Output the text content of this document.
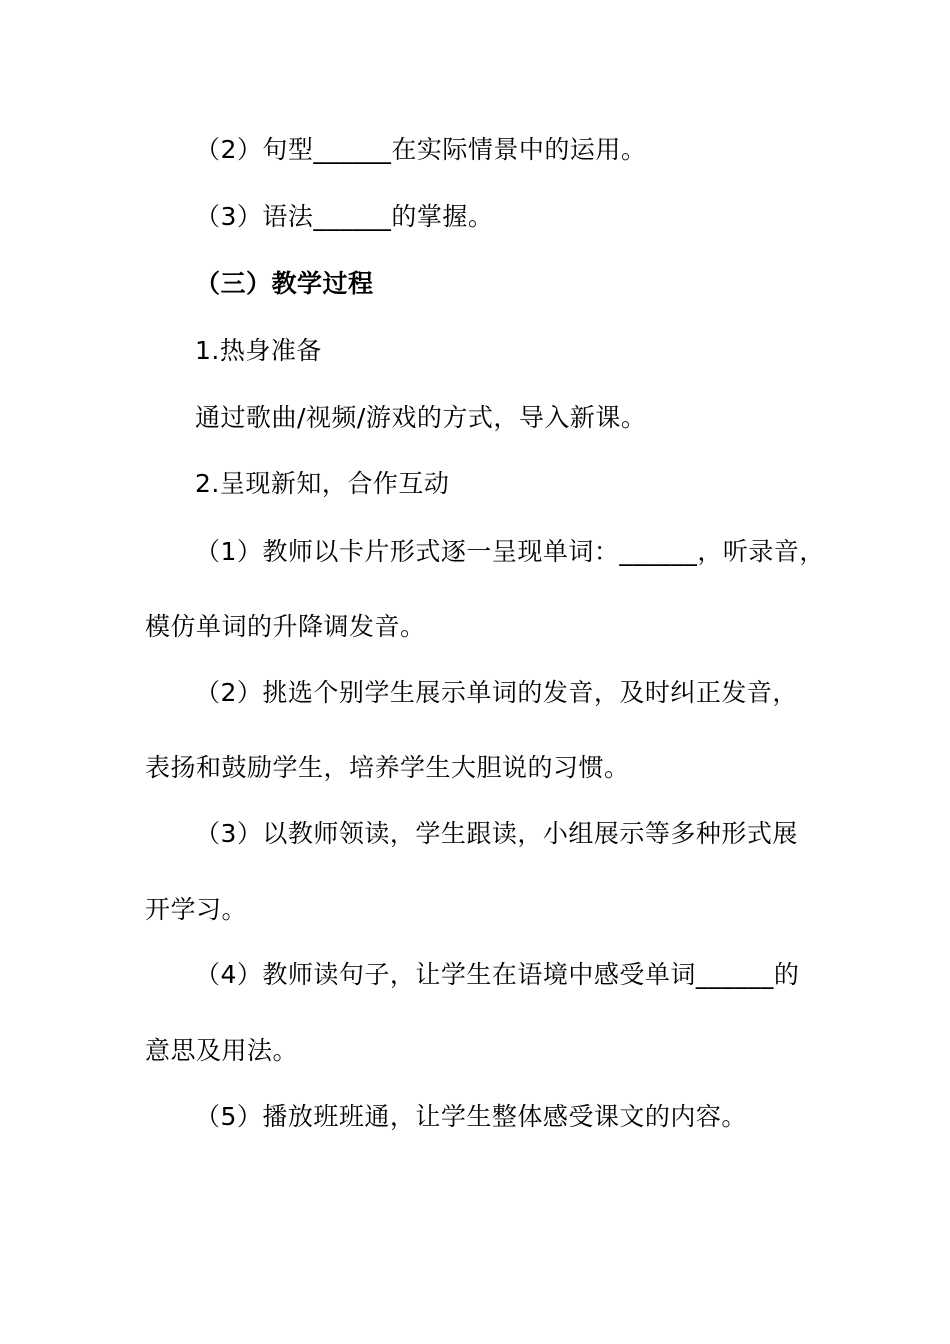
（2）句型______在实际情景中的运用。
（3）语法______的掌握。
（三）教学过程
1.热身准备
通过歌曲/视频/游戏的方式，导入新课。
2.呈现新知，合作互动
（1）教师以卡片形式逐一呈现单词：______，听录音，
模仿单词的升降调发音。
（2）挑选个别学生展示单词的发音，及时纠正发音，
表扬和鼓励学生，培养学生大胆说的习惯。
（3）以教师领读，学生跟读，小组展示等多种形式展
开学习。
（4）教师读句子，让学生在语境中感受单词______的
意思及用法。
（5）播放班班通，让学生整体感受课文的内容。
